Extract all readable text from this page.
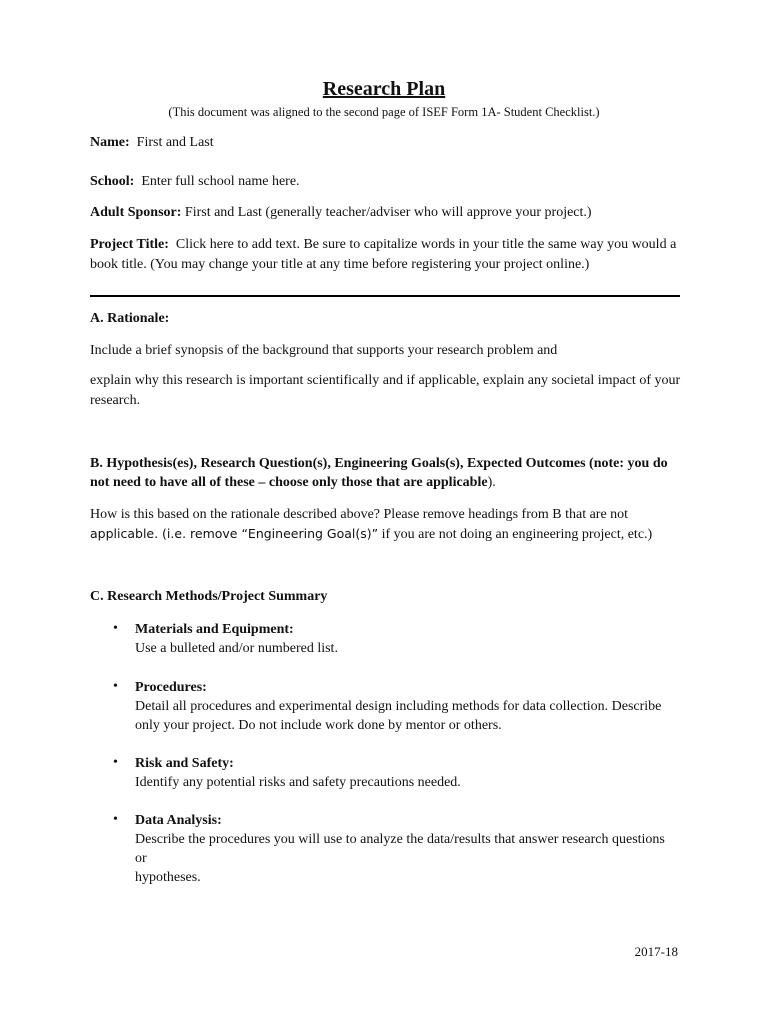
Research Plan
(This document was aligned to the second page of ISEF Form 1A- Student Checklist.)
Name: First and Last
School: Enter full school name here.
Adult Sponsor: First and Last (generally teacher/adviser who will approve your project.)
Project Title: Click here to add text. Be sure to capitalize words in your title the same way you would a
book title. (You may change your title at any time before registering your project online.)
A. Rationale:
Include a brief synopsis of the background that supports your research problem and
explain why this research is important scientifically and if applicable, explain any societal impact of your
research.
B. Hypothesis(es), Research Question(s), Engineering Goals(s), Expected Outcomes (note: you do
not need to have all of these – choose only those that are applicable).
How is this based on the rationale described above? Please remove headings from B that are not
applicable. (i.e. remove “Engineering Goal(s)” if you are not doing an engineering project, etc.)
C. Research Methods/Project Summary
• Materials and Equipment:
Use a bulleted and/or numbered list.
• Procedures:
Detail all procedures and experimental design including methods for data collection. Describe
only your project. Do not include work done by mentor or others.
• Risk and Safety:
Identify any potential risks and safety precautions needed.
• Data Analysis:
Describe the procedures you will use to analyze the data/results that answer research questions or
hypotheses.
2017-18
